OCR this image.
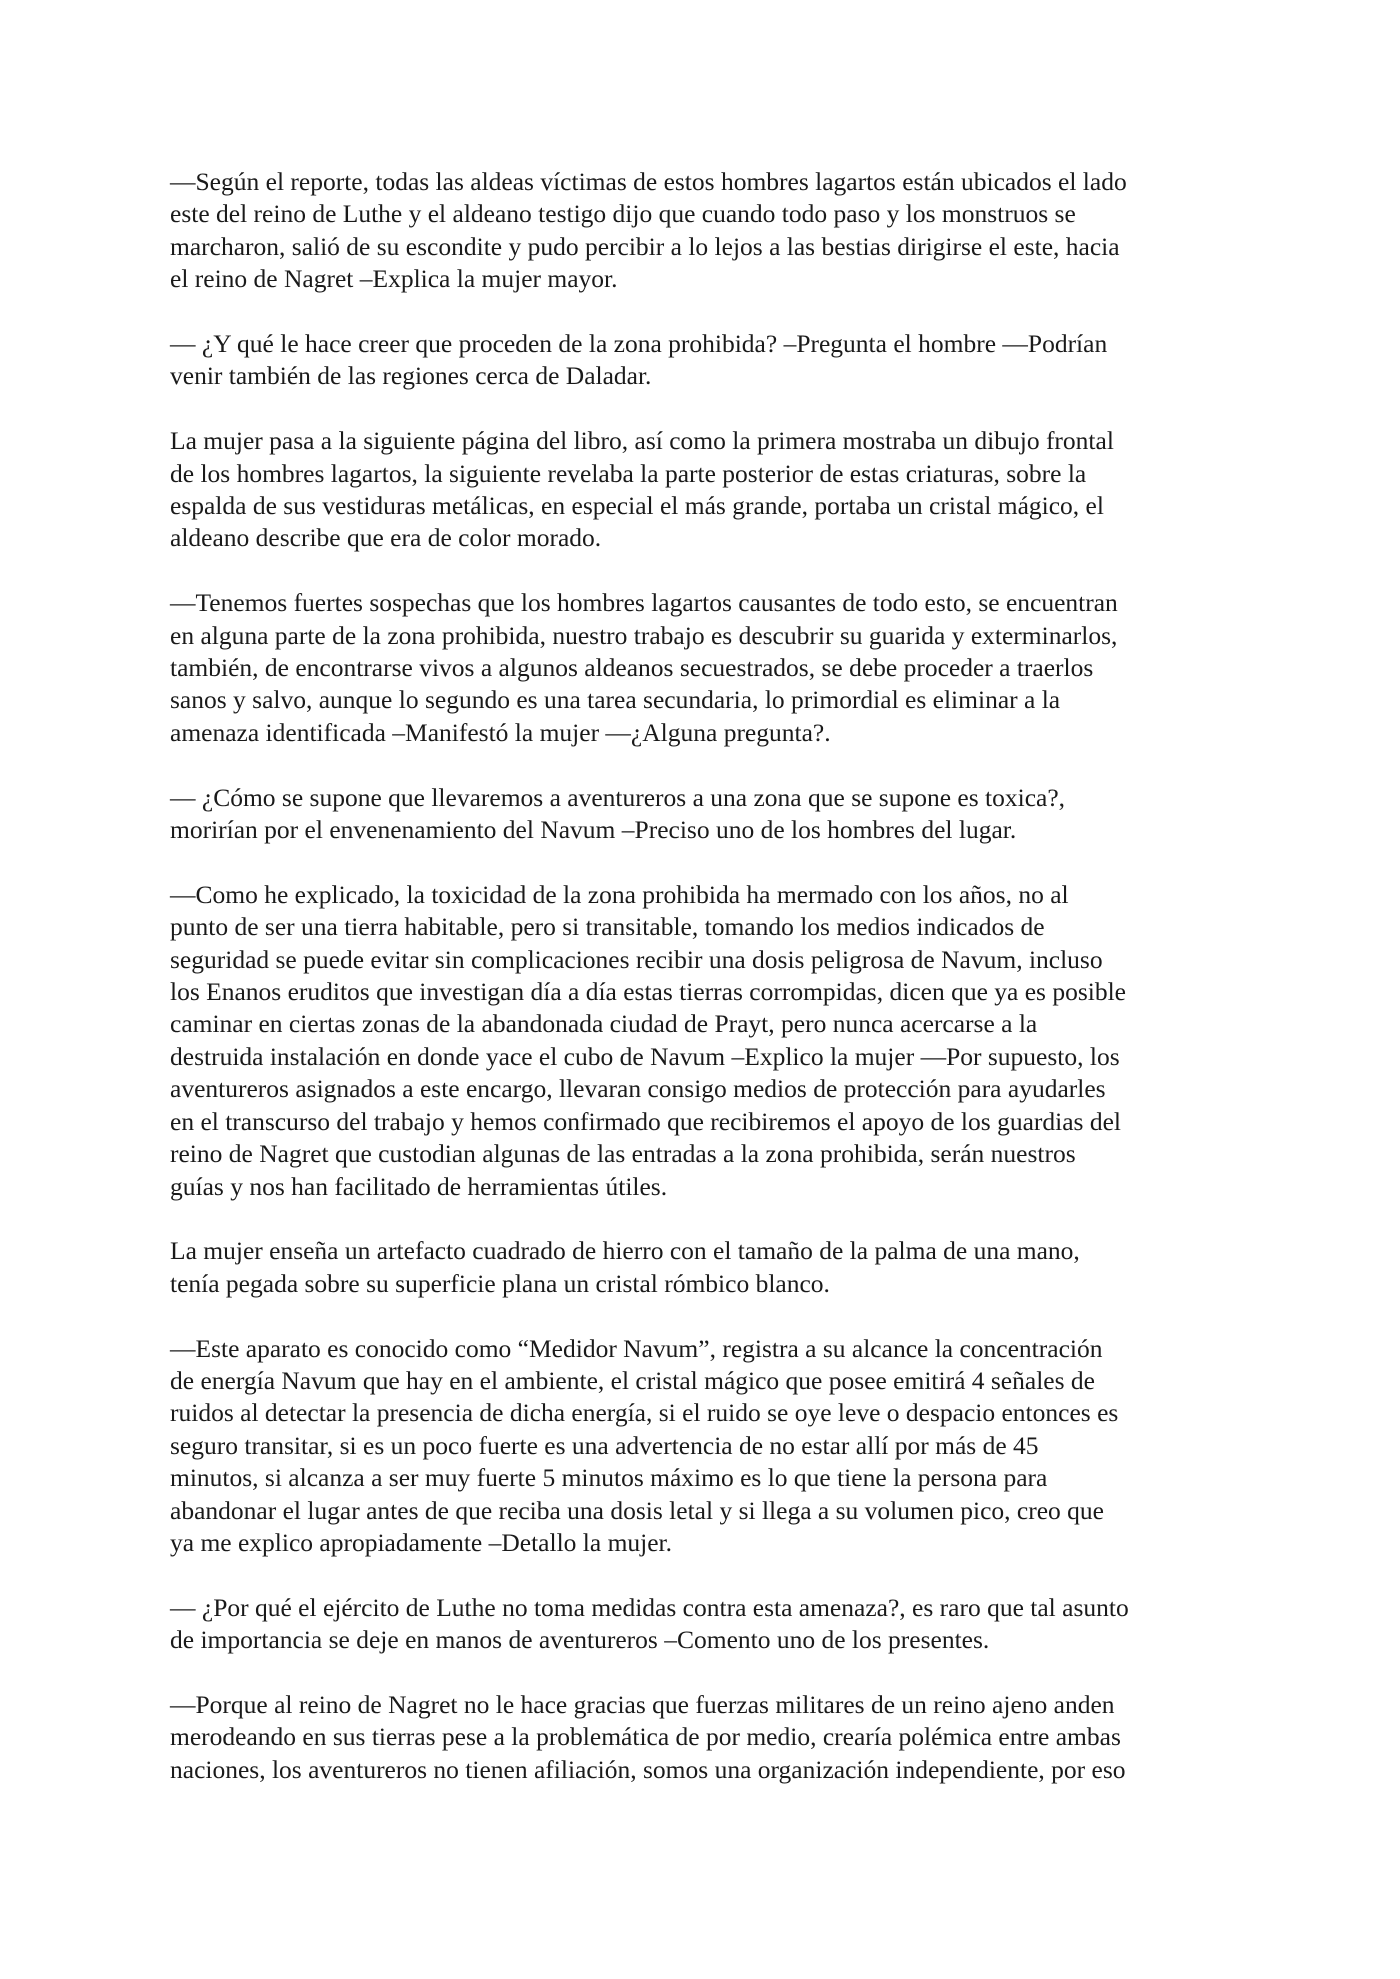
—Según el reporte, todas las aldeas víctimas de estos hombres lagartos están ubicados el lado
este del reino de Luthe y el aldeano testigo dijo que cuando todo paso y los monstruos se
marcharon, salió de su escondite y pudo percibir a lo lejos a las bestias dirigirse el este, hacia
el reino de Nagret –Explica la mujer mayor.

— ¿Y qué le hace creer que proceden de la zona prohibida? –Pregunta el hombre —Podrían
venir también de las regiones cerca de Daladar.

La mujer pasa a la siguiente página del libro, así como la primera mostraba un dibujo frontal
de los hombres lagartos, la siguiente revelaba la parte posterior de estas criaturas, sobre la
espalda de sus vestiduras metálicas, en especial el más grande, portaba un cristal mágico, el
aldeano describe que era de color morado.

—Tenemos fuertes sospechas que los hombres lagartos causantes de todo esto, se encuentran
en alguna parte de la zona prohibida, nuestro trabajo es descubrir su guarida y exterminarlos,
también, de encontrarse vivos a algunos aldeanos secuestrados, se debe proceder a traerlos
sanos y salvo, aunque lo segundo es una tarea secundaria, lo primordial es eliminar a la
amenaza identificada –Manifestó la mujer —¿Alguna pregunta?.

— ¿Cómo se supone que llevaremos a aventureros a una zona que se supone es toxica?,
morirían por el envenenamiento del Navum –Preciso uno de los hombres del lugar.

—Como he explicado, la toxicidad de la zona prohibida ha mermado con los años, no al
punto de ser una tierra habitable, pero si transitable, tomando los medios indicados de
seguridad se puede evitar sin complicaciones recibir una dosis peligrosa de Navum, incluso
los Enanos eruditos que investigan día a día estas tierras corrompidas, dicen que ya es posible
caminar en ciertas zonas de la abandonada ciudad de Prayt, pero nunca acercarse a la
destruida instalación en donde yace el cubo de Navum –Explico la mujer —Por supuesto, los
aventureros asignados a este encargo, llevaran consigo medios de protección para ayudarles
en el transcurso del trabajo y hemos confirmado que recibiremos el apoyo de los guardias del
reino de Nagret que custodian algunas de las entradas a la zona prohibida, serán nuestros
guías y nos han facilitado de herramientas útiles.

La mujer enseña un artefacto cuadrado de hierro con el tamaño de la palma de una mano,
tenía pegada sobre su superficie plana un cristal rómbico blanco.

—Este aparato es conocido como “Medidor Navum”, registra a su alcance la concentración
de energía Navum que hay en el ambiente, el cristal mágico que posee emitirá 4 señales de
ruidos al detectar la presencia de dicha energía, si el ruido se oye leve o despacio entonces es
seguro transitar, si es un poco fuerte es una advertencia de no estar allí por más de 45
minutos, si alcanza a ser muy fuerte 5 minutos máximo es lo que tiene la persona para
abandonar el lugar antes de que reciba una dosis letal y si llega a su volumen pico, creo que
ya me explico apropiadamente –Detallo la mujer.

— ¿Por qué el ejército de Luthe no toma medidas contra esta amenaza?, es raro que tal asunto
de importancia se deje en manos de aventureros –Comento uno de los presentes.

—Porque al reino de Nagret no le hace gracias que fuerzas militares de un reino ajeno anden
merodeando en sus tierras pese a la problemática de por medio, crearía polémica entre ambas
naciones, los aventureros no tienen afiliación, somos una organización independiente, por eso
